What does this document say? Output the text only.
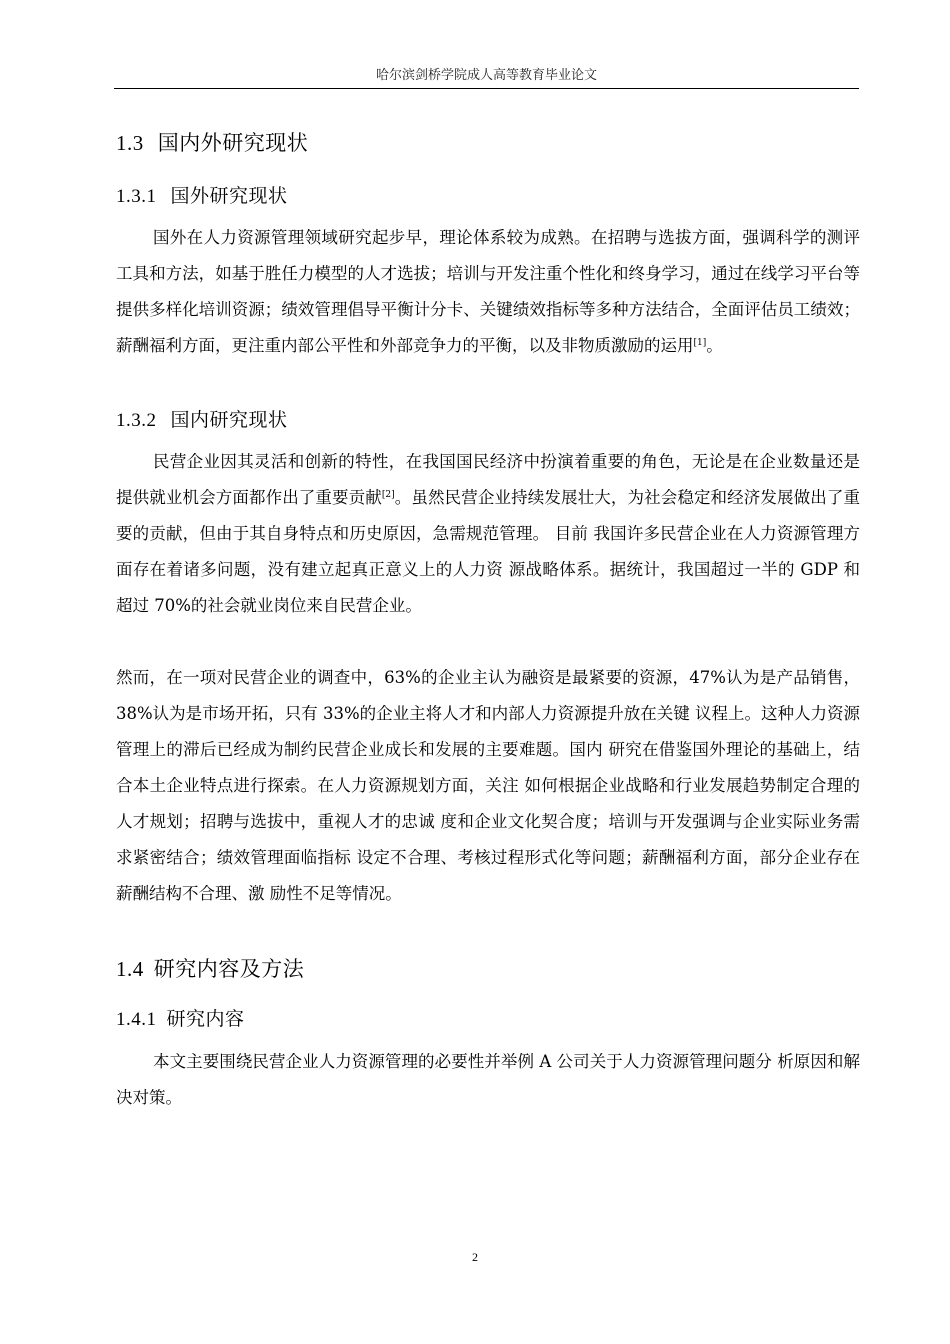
哈尔滨剑桥学院成人高等教育毕业论文
1.3 国内外研究现状
1.3.1 国外研究现状

国外在人力资源管理领域研究起步早，理论体系较为成熟。在招聘与选拔方面，强调科学的测评工具和方法，如基于胜任力模型的人才选拔；培训与开发注重个性化和终身学习，通过在线学习平台等提供多样化培训资源；绩效管理倡导平衡计分卡、关键绩效指标等多种方法结合，全面评估员工绩效；薪酬福利方面，更注重内部公平性和外部竞争力的平衡，以及非物质激励的运用[1]。

1.3.2 国内研究现状

民营企业因其灵活和创新的特性，在我国国民经济中扮演着重要的角色，无论是在企业数量还是提供就业机会方面都作出了重要贡献[2]。虽然民营企业持续发展壮大，为社会稳定和经济发展做出了重要的贡献，但由于其自身特点和历史原因，急需规范管理。 目前 我国许多民营企业在人力资源管理方面存在着诸多问题，没有建立起真正意义上的人力资 源战略体系。据统计，我国超过一半的 GDP 和超过 70%的社会就业岗位来自民营企业。

然而，在一项对民营企业的调查中，63%的企业主认为融资是最紧要的资源，47%认为是产品销售，38%认为是市场开拓，只有 33%的企业主将人才和内部人力资源提升放在关键 议程上。这种人力资源管理上的滞后已经成为制约民营企业成长和发展的主要难题。国内 研究在借鉴国外理论的基础上，结合本土企业特点进行探索。在人力资源规划方面，关注 如何根据企业战略和行业发展趋势制定合理的人才规划；招聘与选拔中，重视人才的忠诚 度和企业文化契合度；培训与开发强调与企业实际业务需求紧密结合；绩效管理面临指标 设定不合理、考核过程形式化等问题；薪酬福利方面，部分企业存在薪酬结构不合理、激 励性不足等情况。

1.4 研究内容及方法
1.4.1 研究内容

本文主要围绕民营企业人力资源管理的必要性并举例 A 公司关于人力资源管理问题分 析原因和解决对策。

2
